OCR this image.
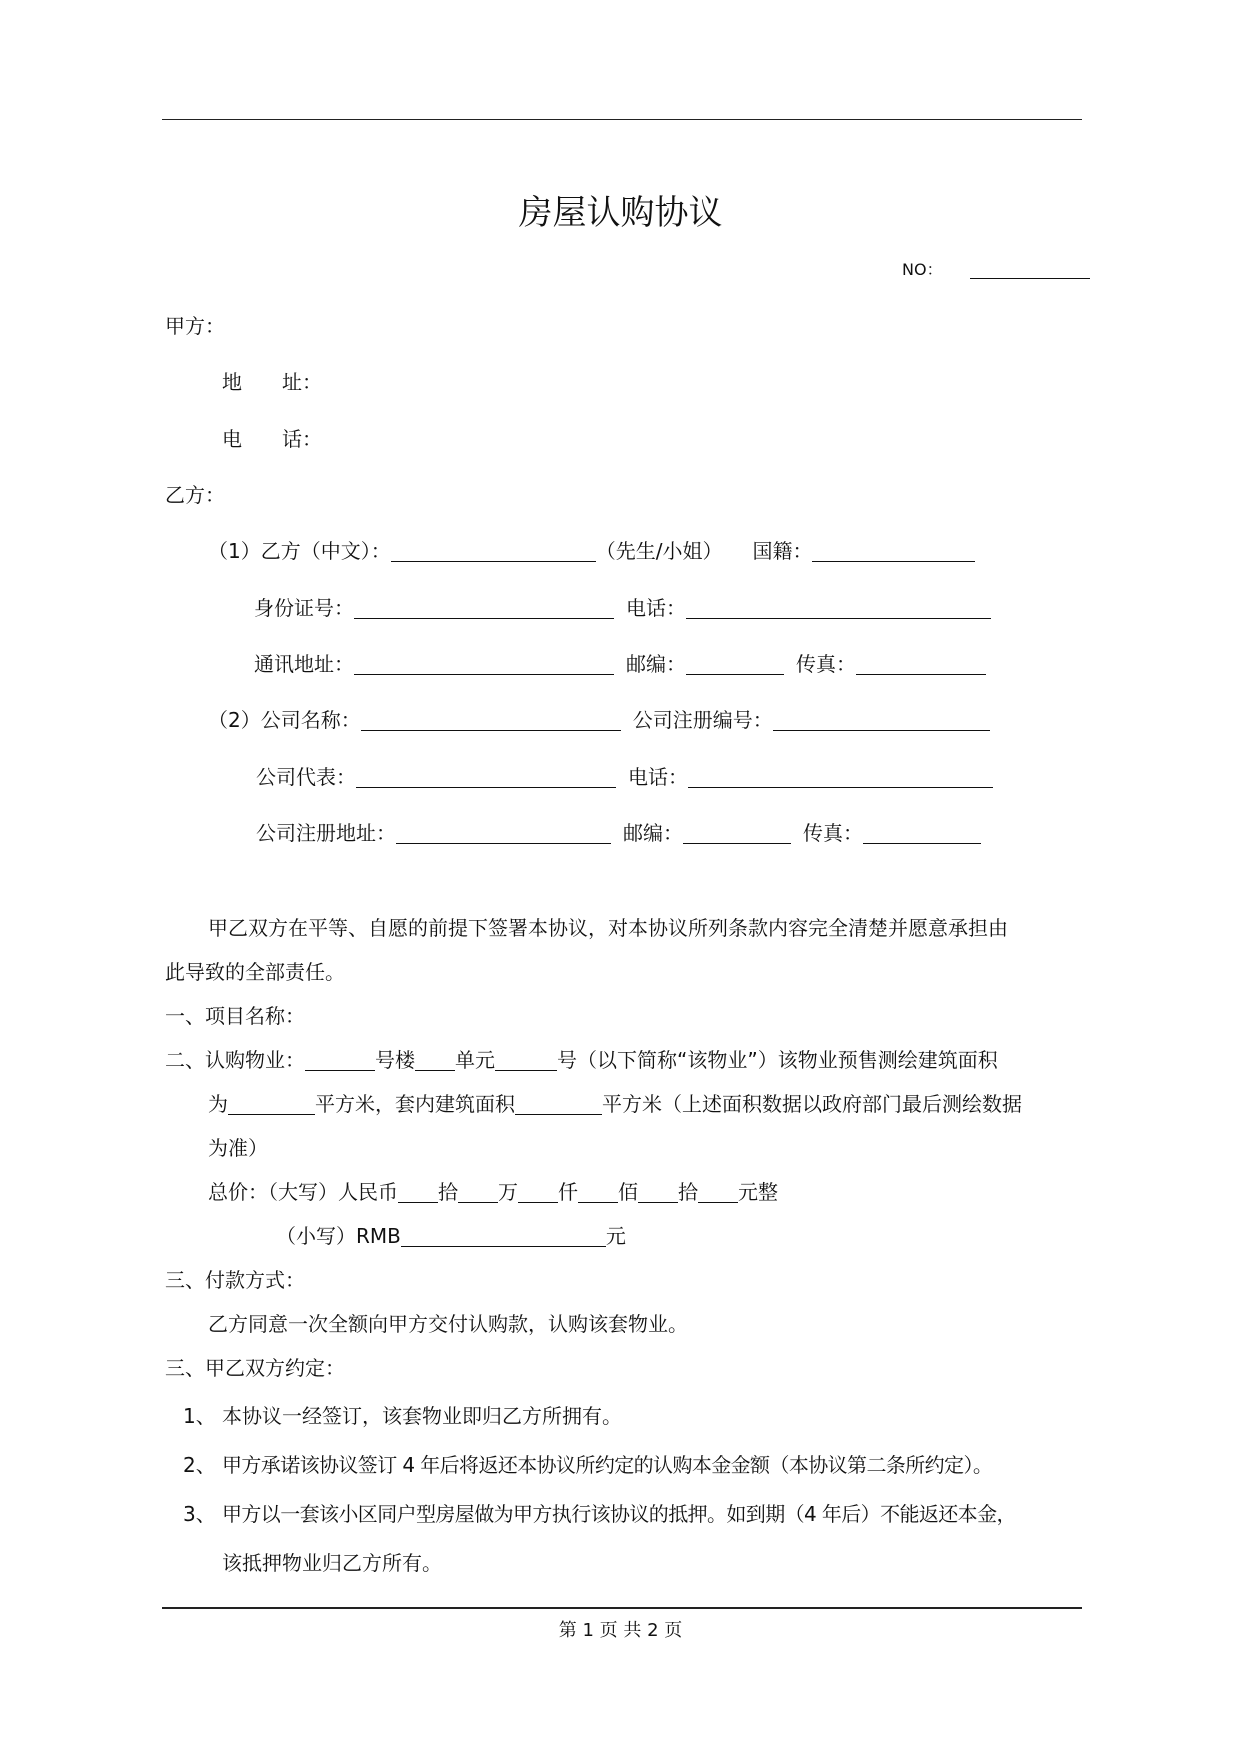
房屋认购协议
NO：
甲方：
地　　址：
电　　话：
乙方：
（1）乙方（中文）：	（先生/小姐） 国籍：
身份证号：	电话：
通讯地址：	邮编：	传真：
（2）公司名称：	公司注册编号：
公司代表：	电话：
公司注册地址：	邮编：	传真：
甲乙双方在平等、自愿的前提下签署本协议，对本协议所列条款内容完全清楚并愿意承担由
此导致的全部责任。
一、项目名称：
二、认购物业：	号楼 单元	号（以下简称“该物业”）该物业预售测绘建筑面积
为	平方米，套内建筑面积	平方米（上述面积数据以政府部门最后测绘数据
为准）
总价：（大写）人民币 拾 万 仟 佰 拾 元整
（小写）RMB	元
三、付款方式：
乙方同意一次全额向甲方交付认购款，认购该套物业。
三、甲乙双方约定：
1、 本协议一经签订，该套物业即归乙方所拥有。
2、 甲方承诺该协议签订 4 年后将返还本协议所约定的认购本金金额（本协议第二条所约定）。
3、 甲方以一套该小区同户型房屋做为甲方执行该协议的抵押。如到期（4 年后）不能返还本金，
该抵押物业归乙方所有。
第 1 页 共 2 页
